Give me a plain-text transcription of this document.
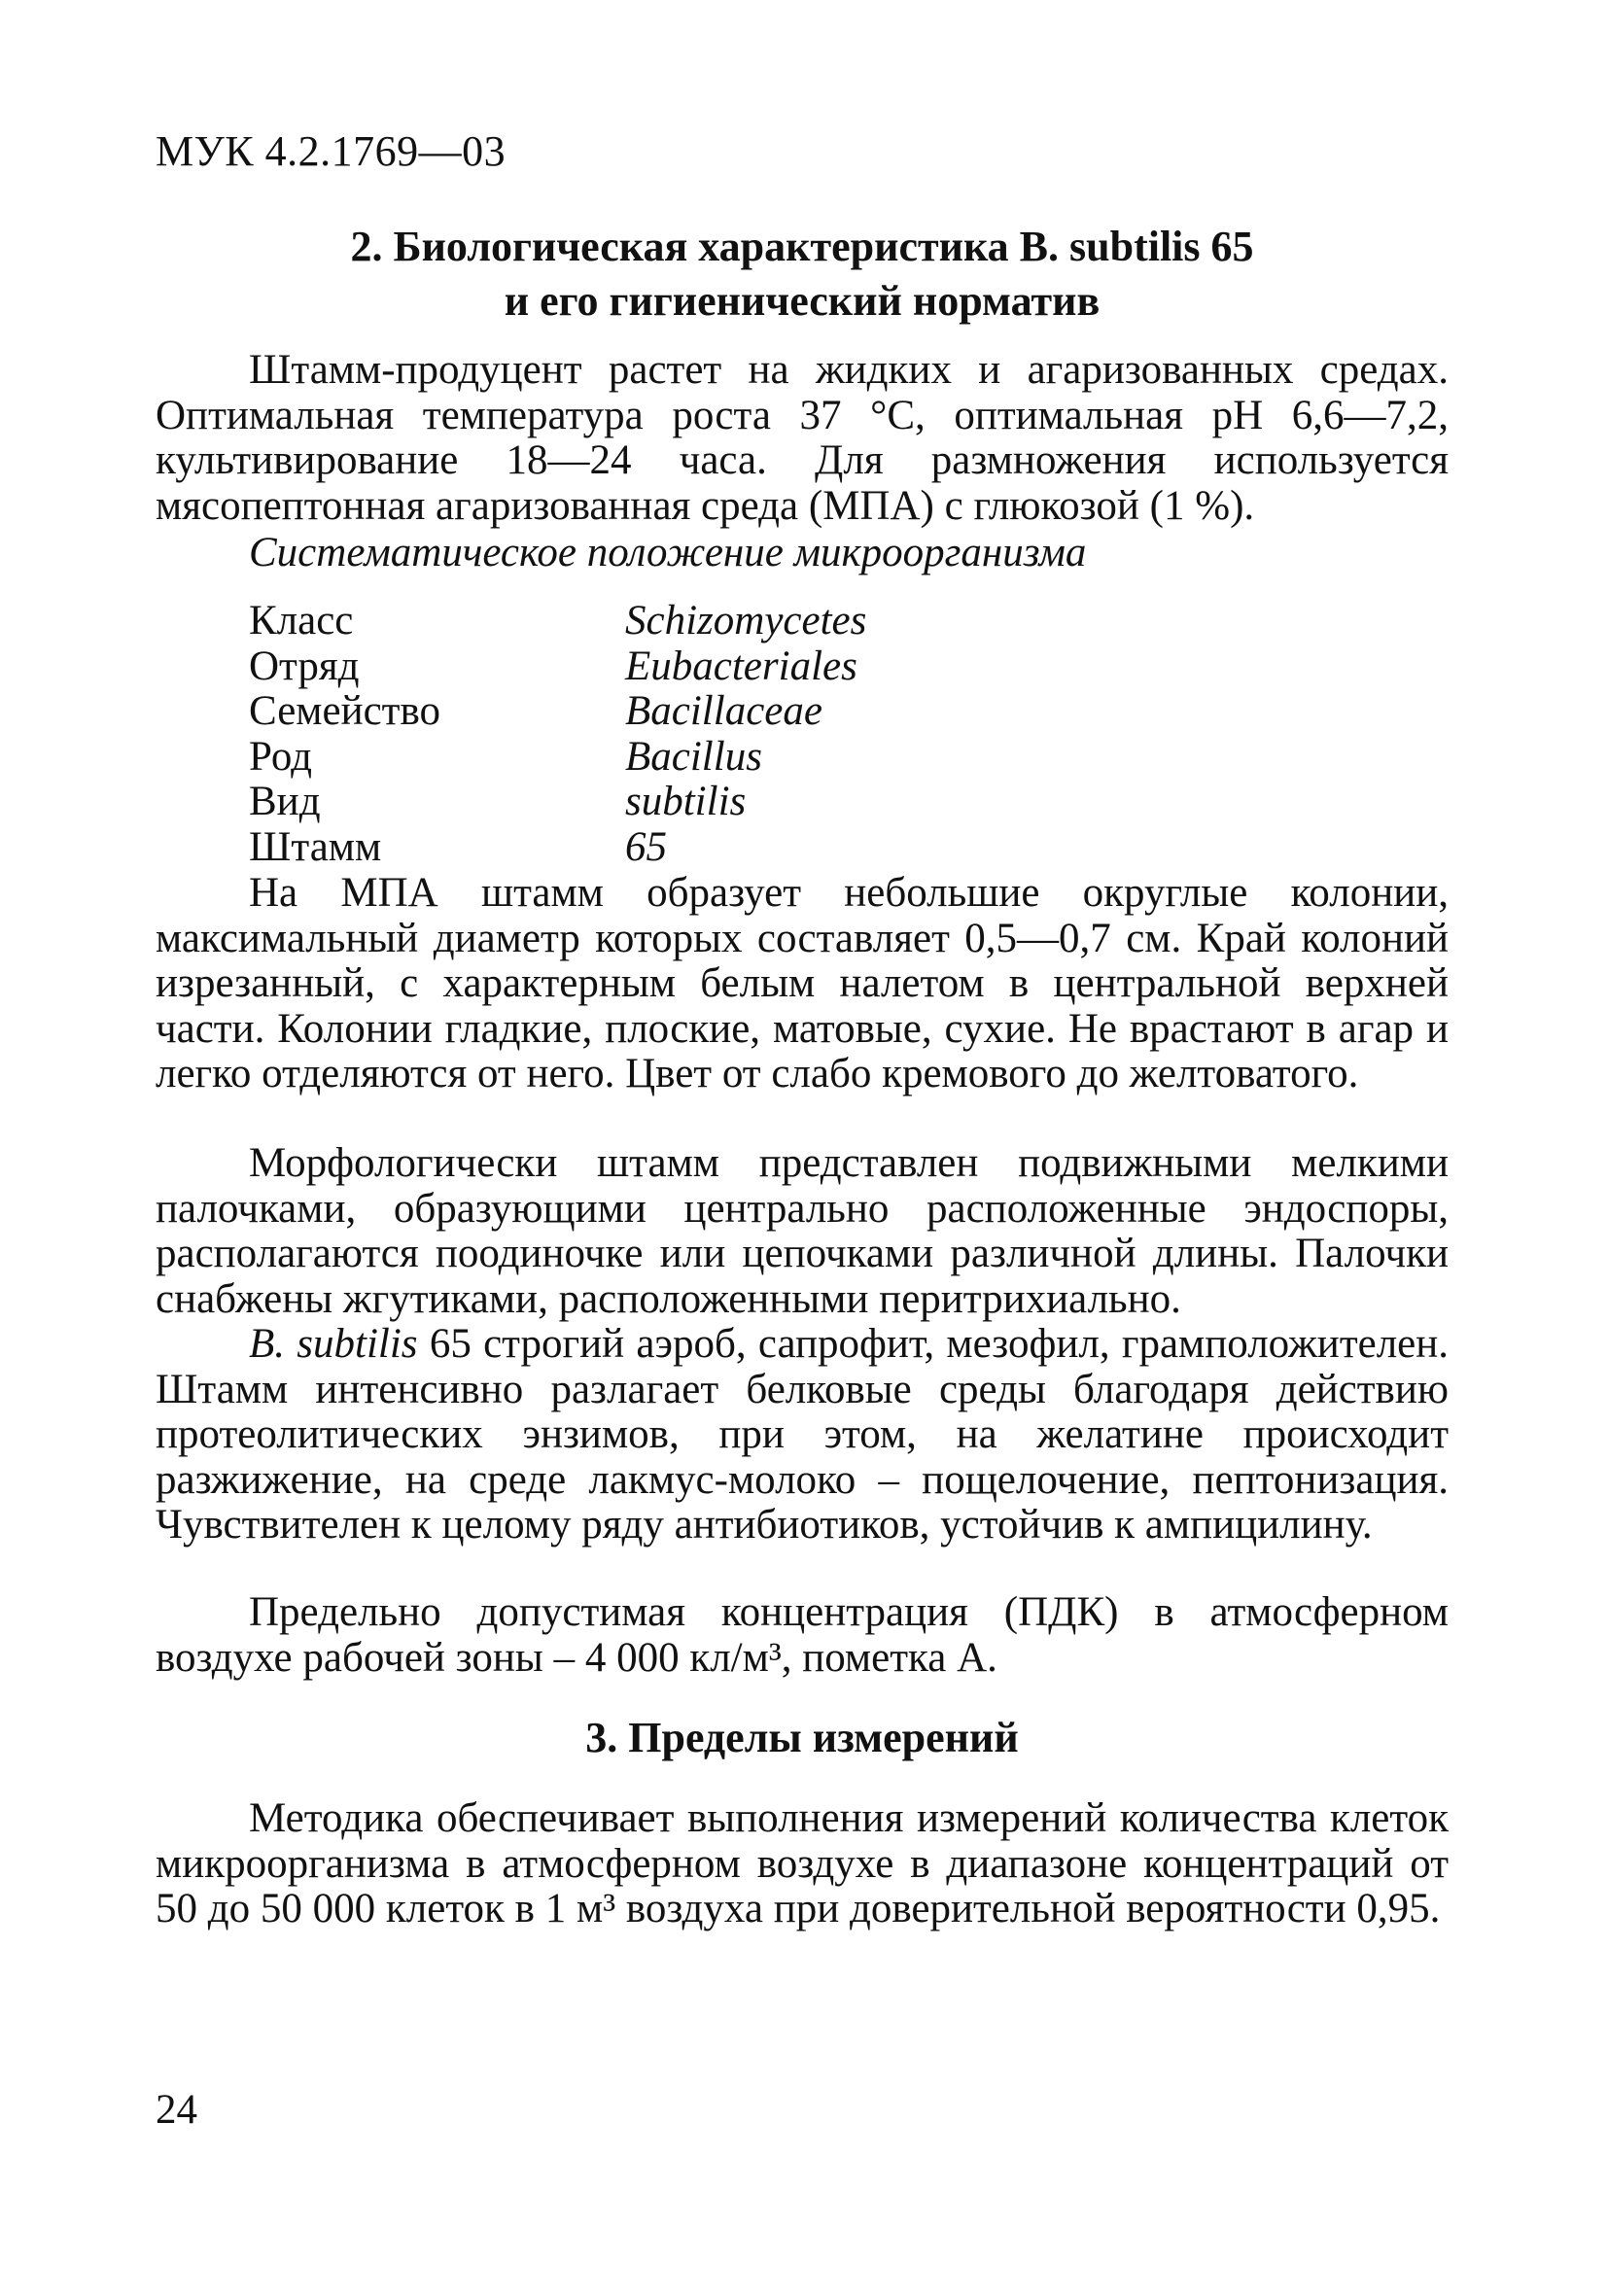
МУК 4.2.1769—03
2. Биологическая характеристика B. subtilis 65
и его гигиенический норматив
Штамм-продуцент растет на жидких и агаризованных средах. Оптимальная температура роста 37 °С, оптимальная рН 6,6—7,2, культивирование 18—24 часа. Для размножения используется мясопептонная агаризованная среда (МПА) с глюкозой (1 %).
Систематическое положение микроорганизма
Класс	Schizomycetes
Отряд	Eubacteriales
Семейство	Bacillaceae
Род	Bacillus
Вид	subtilis
Штамм	65
На МПА штамм образует небольшие округлые колонии, максимальный диаметр которых составляет 0,5—0,7 см. Край колоний изрезанный, с характерным белым налетом в центральной верхней части. Колонии гладкие, плоские, матовые, сухие. Не врастают в агар и легко отделяются от него. Цвет от слабо кремового до желтоватого.
Морфологически штамм представлен подвижными мелкими палочками, образующими центрально расположенные эндоспоры, располагаются поодиночке или цепочками различной длины. Палочки снабжены жгутиками, расположенными перитрихиально.
B. subtilis 65 строгий аэроб, сапрофит, мезофил, грамположителен. Штамм интенсивно разлагает белковые среды благодаря действию протеолитических энзимов, при этом, на желатине происходит разжижение, на среде лакмус-молоко – пощелочение, пептонизация. Чувствителен к целому ряду антибиотиков, устойчив к ампицилину.
Предельно допустимая концентрация (ПДК) в атмосферном воздухе рабочей зоны – 4 000 кл/м³, пометка А.
3. Пределы измерений
Методика обеспечивает выполнения измерений количества клеток микроорганизма в атмосферном воздухе в диапазоне концентраций от 50 до 50 000 клеток в 1 м³ воздуха при доверительной вероятности 0,95.
24
